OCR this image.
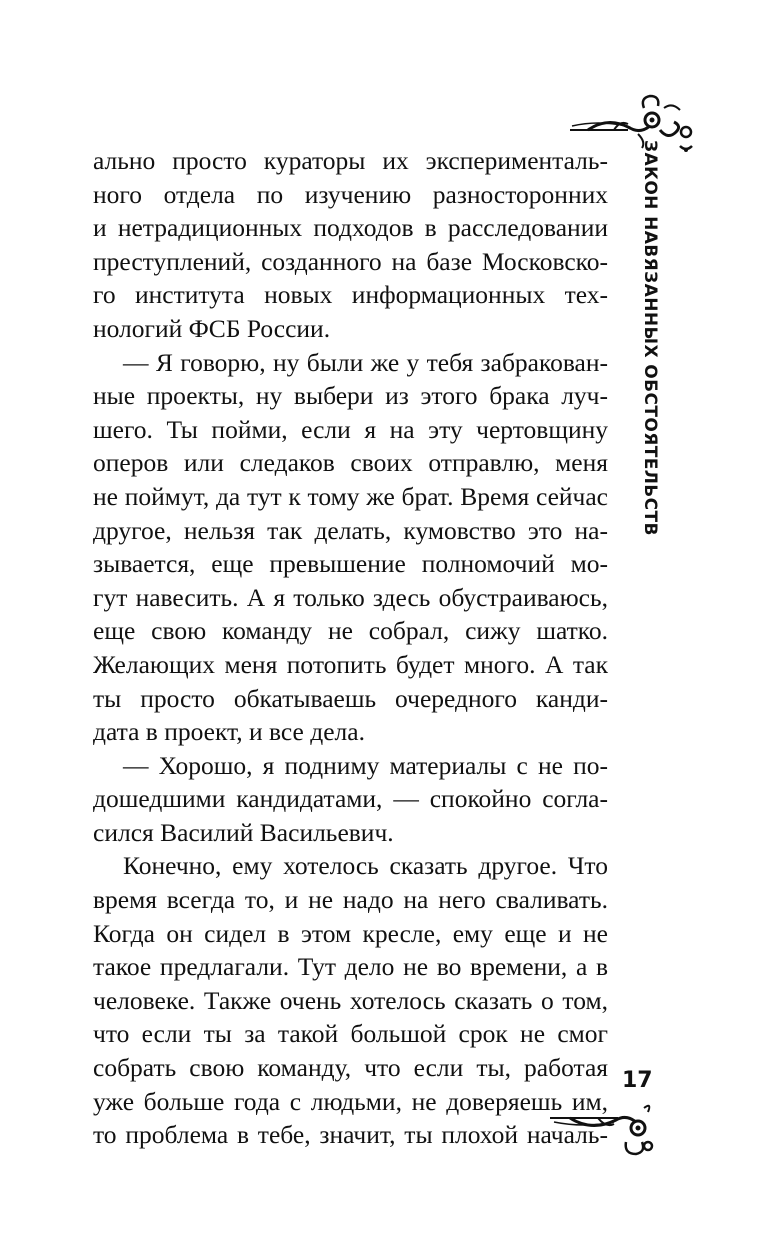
ЗАКОН НАВЯЗАННЫХ ОБСТОЯТЕЛЬСТВ
ально просто кураторы их эксперименталь-
ного отдела по изучению разносторонних
и нетрадиционных подходов в расследовании
преступлений, созданного на базе Московско-
го института новых информационных тех-
нологий ФСБ России.
— Я говорю, ну были же у тебя забракован-
ные проекты, ну выбери из этого брака луч-
шего. Ты пойми, если я на эту чертовщину
оперов или следаков своих отправлю, меня
не поймут, да тут к тому же брат. Время сейчас
другое, нельзя так делать, кумовство это на-
зывается, еще превышение полномочий мо-
гут навесить. А я только здесь обустраиваюсь,
еще свою команду не собрал, сижу шатко.
Желающих меня потопить будет много. А так
ты просто обкатываешь очередного канди-
дата в проект, и все дела.
— Хорошо, я подниму материалы с не по-
дошедшими кандидатами, — спокойно согла-
сился Василий Васильевич.
Конечно, ему хотелось сказать другое. Что
время всегда то, и не надо на него сваливать.
Когда он сидел в этом кресле, ему еще и не
такое предлагали. Тут дело не во времени, а в
человеке. Также очень хотелось сказать о том,
что если ты за такой большой срок не смог
собрать свою команду, что если ты, работая
уже больше года с людьми, не доверяешь им,
то проблема в тебе, значит, ты плохой началь-
17
